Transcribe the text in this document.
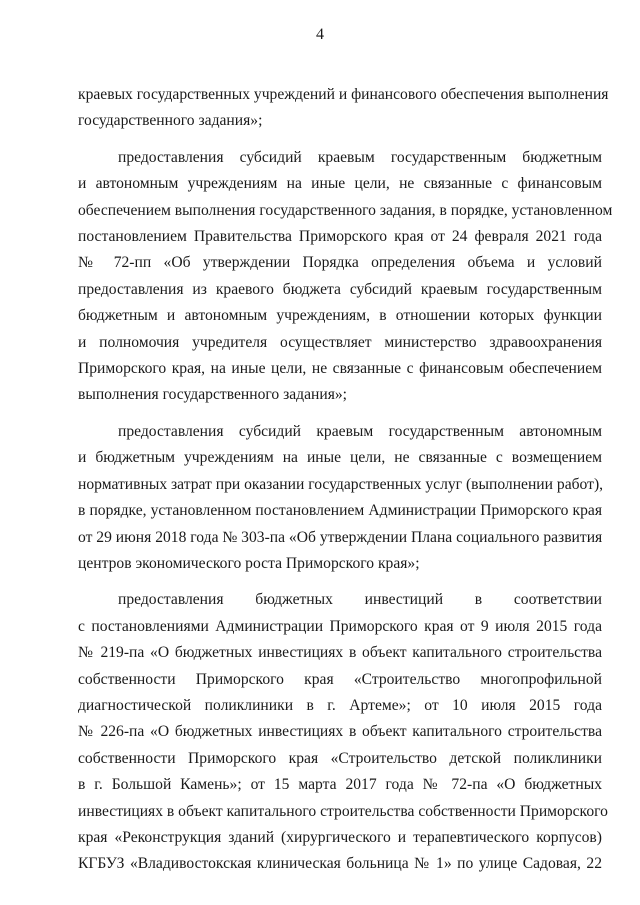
4

краевых государственных учреждений и финансового обеспечения выполнения
государственного задания»;

предоставления субсидий краевым государственным бюджетным
и автономным учреждениям на иные цели, не связанные с финансовым
обеспечением выполнения государственного задания, в порядке, установленном
постановлением Правительства Приморского края от 24 февраля 2021 года
№ 72-пп «Об утверждении Порядка определения объема и условий
предоставления из краевого бюджета субсидий краевым государственным
бюджетным и автономным учреждениям, в отношении которых функции
и полномочия учредителя осуществляет министерство здравоохранения
Приморского края, на иные цели, не связанные с финансовым обеспечением
выполнения государственного задания»;

предоставления субсидий краевым государственным автономным
и бюджетным учреждениям на иные цели, не связанные с возмещением
нормативных затрат при оказании государственных услуг (выполнении работ),
в порядке, установленном постановлением Администрации Приморского края
от 29 июня 2018 года № 303-па «Об утверждении Плана социального развития
центров экономического роста Приморского края»;

предоставления бюджетных инвестиций в соответствии
с постановлениями Администрации Приморского края от 9 июля 2015 года
№ 219-па «О бюджетных инвестициях в объект капитального строительства
собственности Приморского края «Строительство многопрофильной
диагностической поликлиники в г. Артеме»; от 10 июля 2015 года
№ 226-па «О бюджетных инвестициях в объект капитального строительства
собственности Приморского края «Строительство детской поликлиники
в г. Большой Камень»; от 15 марта 2017 года № 72-па «О бюджетных
инвестициях в объект капитального строительства собственности Приморского
края «Реконструкция зданий (хирургического и терапевтического корпусов)
КГБУЗ «Владивостокская клиническая больница № 1» по улице Садовая, 22
